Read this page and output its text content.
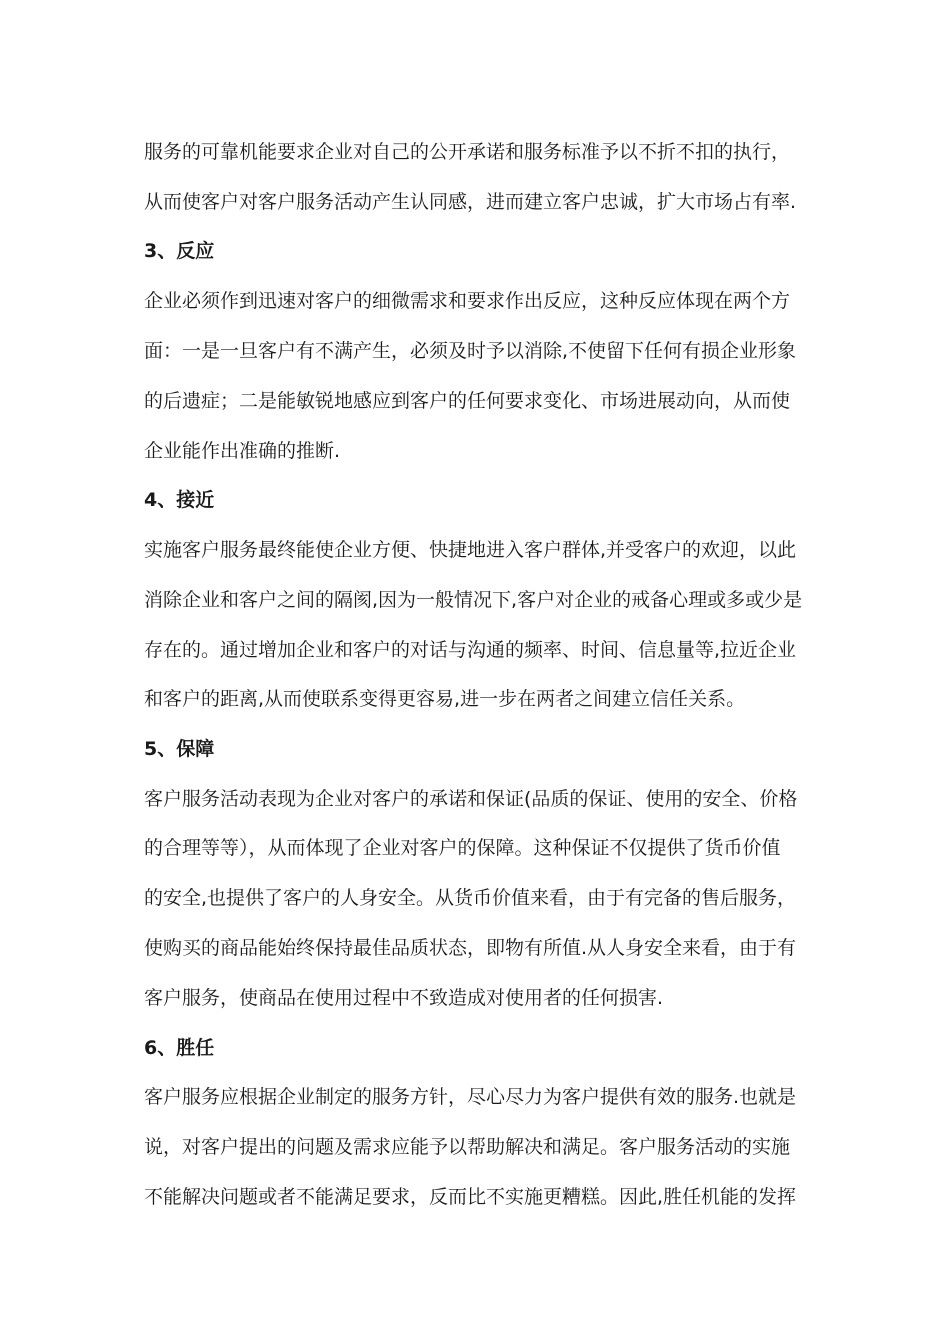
服务的可靠机能要求企业对自己的公开承诺和服务标准予以不折不扣的执行，
从而使客户对客户服务活动产生认同感，进而建立客户忠诚，扩大市场占有率.
3、反应
企业必须作到迅速对客户的细微需求和要求作出反应，这种反应体现在两个方
面：一是一旦客户有不满产生，必须及时予以消除,不使留下任何有损企业形象
的后遗症；二是能敏锐地感应到客户的任何要求变化、市场进展动向，从而使
企业能作出准确的推断.
4、接近
实施客户服务最终能使企业方便、快捷地进入客户群体,并受客户的欢迎，以此
消除企业和客户之间的隔阂,因为一般情况下,客户对企业的戒备心理或多或少是
存在的。通过增加企业和客户的对话与沟通的频率、时间、信息量等,拉近企业
和客户的距离,从而使联系变得更容易,进一步在两者之间建立信任关系。
5、保障
客户服务活动表现为企业对客户的承诺和保证(品质的保证、使用的安全、价格
的合理等等），从而体现了企业对客户的保障。这种保证不仅提供了货币价值
的安全,也提供了客户的人身安全。从货币价值来看，由于有完备的售后服务，
使购买的商品能始终保持最佳品质状态，即物有所值.从人身安全来看，由于有
客户服务，使商品在使用过程中不致造成对使用者的任何损害.
6、胜任
客户服务应根据企业制定的服务方针，尽心尽力为客户提供有效的服务.也就是
说，对客户提出的问题及需求应能予以帮助解决和满足。客户服务活动的实施
不能解决问题或者不能满足要求，反而比不实施更糟糕。因此,胜任机能的发挥
